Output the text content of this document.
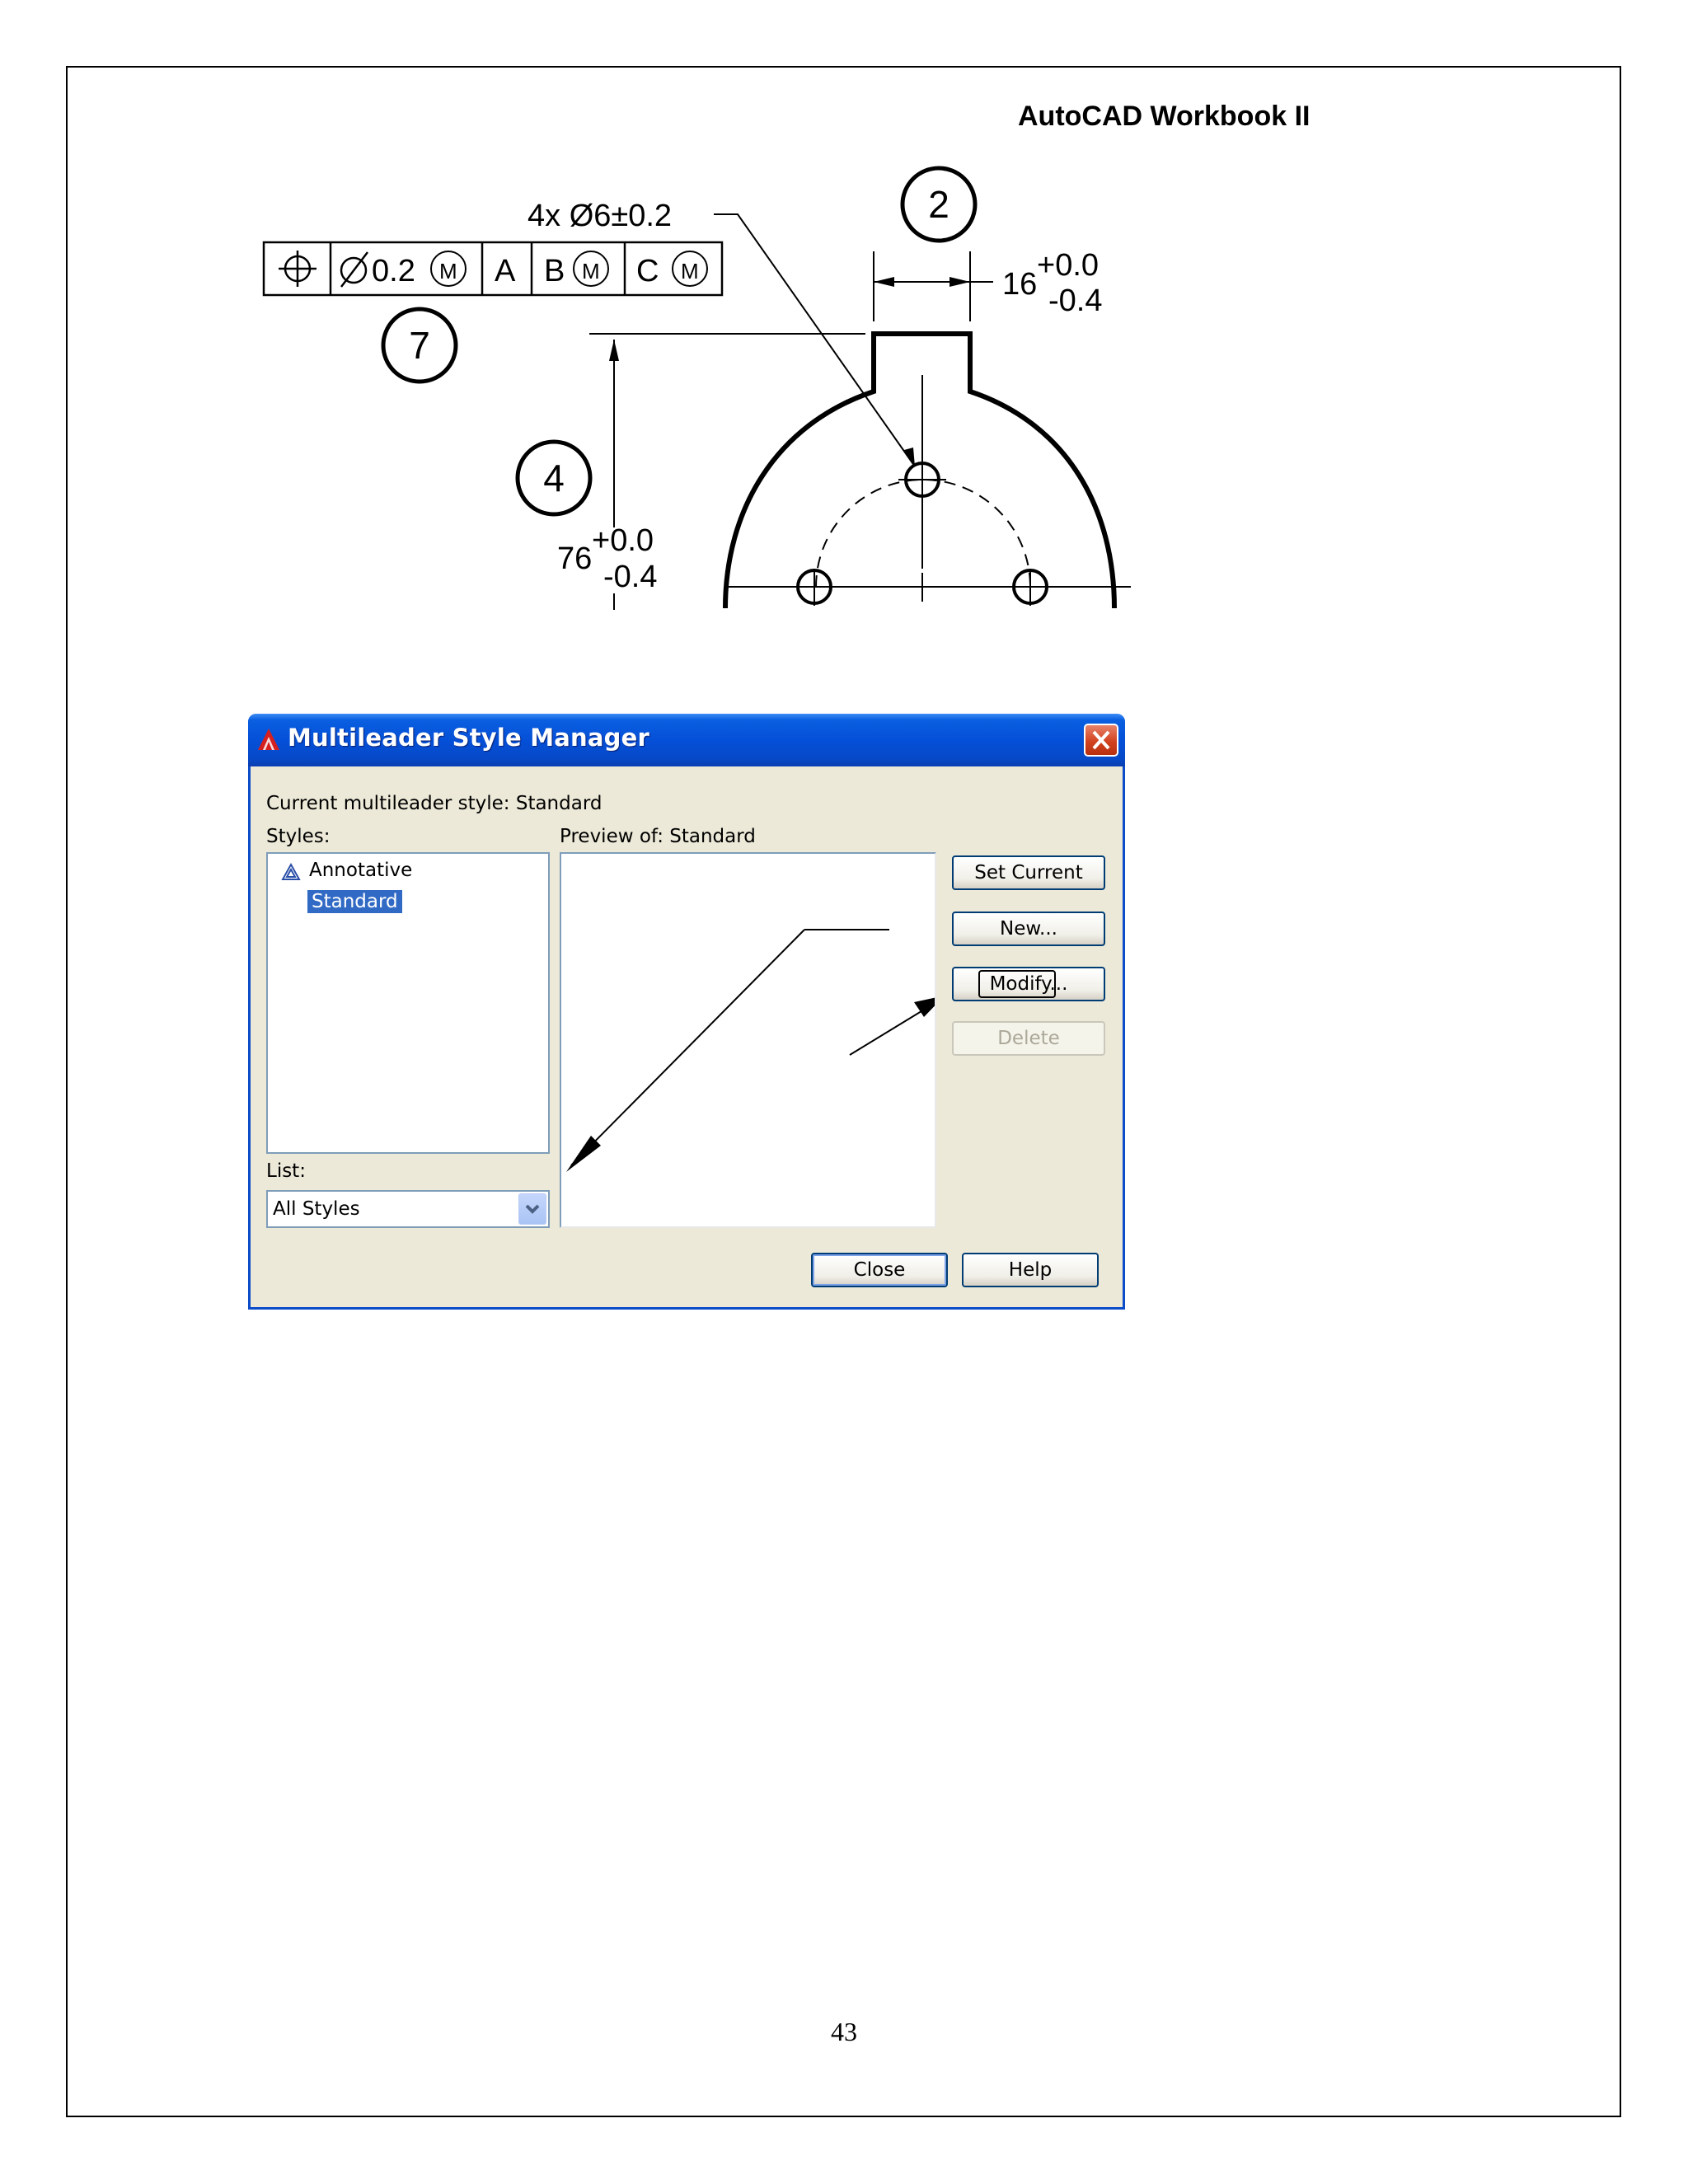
AutoCAD Workbook II
4x Ø6±0.2
0.2 M A B M C M
2
7
4
16
+0.0
-0.4
76
+0.0
-0.4
Multileader Style Manager
Current multileader style: Standard
Styles:	Preview of: Standard
Annotative
Standard
List:
All Styles
Set Current
New...
Modify...
Delete
Close	Help
43
